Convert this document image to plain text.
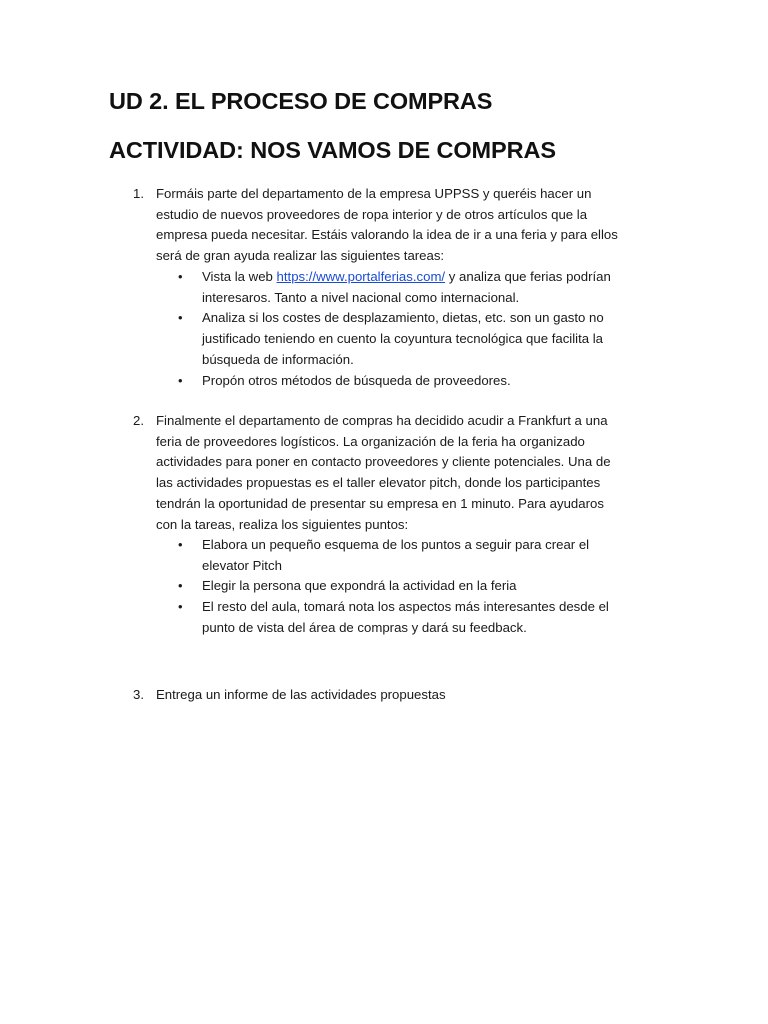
UD 2. EL PROCESO DE COMPRAS
ACTIVIDAD: NOS VAMOS DE COMPRAS
1. Formáis parte del departamento de la empresa UPPSS y queréis hacer un
estudio de nuevos proveedores de ropa interior y de otros artículos que la
empresa pueda necesitar. Estáis valorando la idea de ir a una feria y para ellos
será de gran ayuda realizar las siguientes tareas:
• Vista la web https://www.portalferias.com/ y analiza que ferias podrían
interesaros. Tanto a nivel nacional como internacional.
• Analiza si los costes de desplazamiento, dietas, etc. son un gasto no
justificado teniendo en cuento la coyuntura tecnológica que facilita la
búsqueda de información.
• Propón otros métodos de búsqueda de proveedores.
2. Finalmente el departamento de compras ha decidido acudir a Frankfurt a una
feria de proveedores logísticos. La organización de la feria ha organizado
actividades para poner en contacto proveedores y cliente potenciales. Una de
las actividades propuestas es el taller elevator pitch, donde los participantes
tendrán la oportunidad de presentar su empresa en 1 minuto. Para ayudaros
con la tareas, realiza los siguientes puntos:
• Elabora un pequeño esquema de los puntos a seguir para crear el
elevator Pitch
• Elegir la persona que expondrá la actividad en la feria
• El resto del aula, tomará nota los aspectos más interesantes desde el
punto de vista del área de compras y dará su feedback.
3. Entrega un informe de las actividades propuestas
